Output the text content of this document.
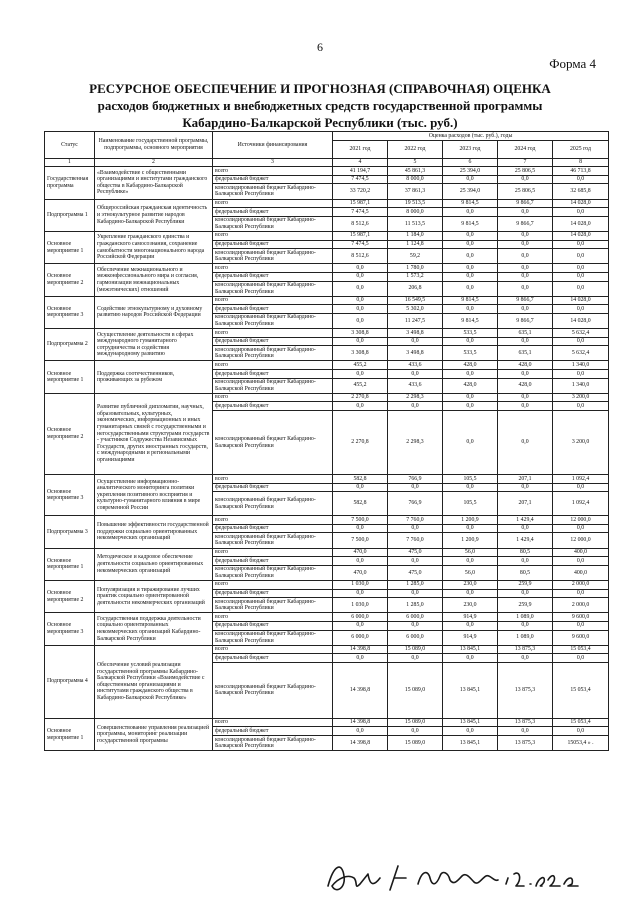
6
Форма 4
РЕСУРСНОЕ ОБЕСПЕЧЕНИЕ И ПРОГНОЗНАЯ (СПРАВОЧНАЯ) ОЦЕНКА
расходов бюджетных и внебюджетных средств государственной программы
Кабардино-Балкарской Республики (тыс. руб.)
Статус	Наименование государственной программы, подпрограммы, основного мероприятия	Источники финансирования	Оценка расходов (тыс. руб.), годы				
			2021 год	2022 год	2023 год	2024 год	2025 год
1	2	3	4	5	6	7	8
Государственная программа	«Взаимодействие с общественными организациями и институтами гражданского общества в Кабардино-Балкарской Республике»	всего	41 194,7	45 861,3	25 394,0	25 806,5	46 713,8
		федеральный бюджет	7 474,5	8 000,0	0,0	0,0	0,0
		консолидированный бюджет Кабардино-Балкарской Республики	33 720,2	37 861,3	25 394,0	25 806,5	32 685,8
Подпрограмма 1	Общероссийская гражданская идентичность и этнокультурное развитие народов Кабардино-Балкарской Республики	всего	15 987,1	19 513,5	9 814,5	9 866,7	14 028,0
		федеральный бюджет	7 474,5	8 000,0	0,0	0,0	0,0
		консолидированный бюджет Кабардино-Балкарской Республики	8 512,6	11 513,5	9 814,5	9 866,7	14 028,0
Основное мероприятие 1	Укрепление гражданского единства и гражданского самосознания, сохранение самобытности многонационального народа Российской Федерации	всего	15 987,1	1 184,0	0,0	0,0	14 028,0
		федеральный бюджет	7 474,5	1 124,8	0,0	0,0	0,0
		консолидированный бюджет Кабардино-Балкарской Республики	8 512,6	59,2	0,0	0,0	0,0
Основное мероприятие 2	Обеспечение межнационального и межконфессионального мира и согласия, гармонизации межнациональных (межэтнических) отношений	всего	0,0	1 780,0	0,0	0,0	0,0
		федеральный бюджет	0,0	1 573,2	0,0	0,0	0,0
		консолидированный бюджет Кабардино-Балкарской Республики	0,0	206,8	0,0	0,0	0,0
Основное мероприятие 3	Содействие этнокультурному и духовному развитию народов Российской Федерации	всего	0,0	16 549,5	9 814,5	9 866,7	14 028,0
		федеральный бюджет	0,0	5 302,0	0,0	0,0	0,0
		консолидированный бюджет Кабардино-Балкарской Республики	0,0	11 247,5	9 814,5	9 866,7	14 028,0
Подпрограмма 2	Осуществление деятельности в сферах международного гуманитарного сотрудничества и содействия международному развитию	всего	3 308,8	3 498,8	533,5	635,1	5 632,4
		федеральный бюджет	0,0	0,0	0,0	0,0	0,0
		консолидированный бюджет Кабардино-Балкарской Республики	3 308,8	3 498,8	533,5	635,1	5 632,4
Основное мероприятие 1	Поддержка соотечественников, проживающих за рубежом	всего	455,2	433,6	428,0	428,0	1 340,0
		федеральный бюджет	0,0	0,0	0,0	0,0	0,0
		консолидированный бюджет Кабардино-Балкарской Республики	455,2	433,6	428,0	428,0	1 340,0
Основное мероприятие 2	Развитие публичной дипломатии, научных, образовательных, культурных, экономических, информационных и иных гуманитарных связей с государственными и негосударственными структурами государств - участников Содружества Независимых Государств, других иностранных государств, с международными и региональными организациями	всего	2 270,8	2 298,3	0,0	0,0	3 200,0
		федеральный бюджет	0,0	0,0	0,0	0,0	0,0
		консолидированный бюджет Кабардино-Балкарской Республики	2 270,8	2 298,3	0,0	0,0	3 200,0
Основное мероприятие 3	Осуществление информационно-аналитического мониторинга политики укрепления позитивного восприятия и культурно-гуманитарного влияния в мире современной России	всего	582,8	766,9	105,5	207,1	1 092,4
		федеральный бюджет	0,0	0,0	0,0	0,0	0,0
		консолидированный бюджет Кабардино-Балкарской Республики	582,8	766,9	105,5	207,1	1 092,4
Подпрограмма 3	Повышение эффективности государственной поддержки социально ориентированных некоммерческих организаций	всего	7 500,0	7 760,0	1 200,9	1 429,4	12 000,0
		федеральный бюджет	0,0	0,0	0,0	0,0	0,0
		консолидированный бюджет Кабардино-Балкарской Республики	7 500,0	7 760,0	1 200,9	1 429,4	12 000,0
Основное мероприятие 1	Методическое и кадровое обеспечение деятельности социально ориентированных некоммерческих организаций	всего	470,0	475,0	56,0	80,5	400,0
		федеральный бюджет	0,0	0,0	0,0	0,0	0,0
		консолидированный бюджет Кабардино-Балкарской Республики	470,0	475,0	56,0	80,5	400,0
Основное мероприятие 2	Популяризация и тиражирование лучших практик социально ориентированной деятельности некоммерческих организаций	всего	1 030,0	1 285,0	230,0	259,9	2 000,0
		федеральный бюджет	0,0	0,0	0,0	0,0	0,0
		консолидированный бюджет Кабардино-Балкарской Республики	1 030,0	1 285,0	230,0	259,9	2 000,0
Основное мероприятие 3	Государственная поддержка деятельности социально ориентированных некоммерческих организаций Кабардино-Балкарской Республики	всего	6 000,0	6 000,0	914,9	1 089,0	9 600,0
		федеральный бюджет	0,0	0,0	0,0	0,0	0,0
		консолидированный бюджет Кабардино-Балкарской Республики	6 000,0	6 000,0	914,9	1 089,0	9 600,0
Подпрограмма 4	Обеспечение условий реализации государственной программы Кабардино-Балкарской Республики «Взаимодействие с общественными организациями и институтами гражданского общества в Кабардино-Балкарской Республике»	всего	14 398,8	15 089,0	13 845,1	13 875,3	15 053,4
		федеральный бюджет	0,0	0,0	0,0	0,0	0,0
		консолидированный бюджет Кабардино-Балкарской Республики	14 398,8	15 089,0	13 845,1	13 875,3	15 053,4
Основное мероприятие 1	Совершенствование управления реализацией программы, мониторинг реализации государственной программы	всего	14 398,8	15 089,0	13 845,1	13 875,3	15 053,4
		федеральный бюджет	0,0	0,0	0,0	0,0	0,0
		консолидированный бюджет Кабардино-Балкарской Республики	14 398,8	15 089,0	13 845,1	13 875,3	15053,4 » .
